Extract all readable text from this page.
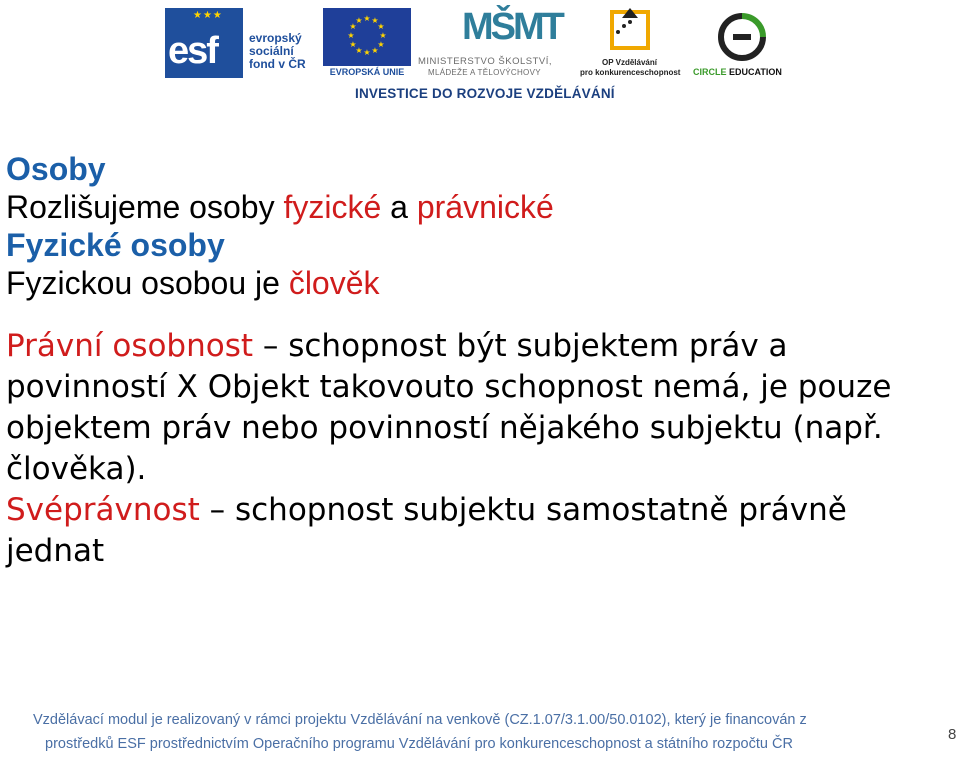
★★★
esf	evropský
sociální
fond v ČR
★ ★
★
★
★
★
★
★
★
★
★
★
EVROPSKÁ UNIE
MŠMT
MINISTERSTVO ŠKOLSTVÍ,
MLÁDEŽE A TĚLOVÝCHOVY
OP Vzdělávání
pro konkurenceschopnost CIRCLE EDUCATION
INVESTICE DO ROZVOJE VZDĚLÁVÁNÍ

Osoby

Rozlišujeme osoby fyzické a právnické

Fyzické osoby

Fyzickou osobou je člověk

Právní osobnost – schopnost být subjektem práv a
povinností X Objekt takovouto schopnost nemá, je pouze
objektem práv nebo povinností nějakého subjektu (např.
člověka).

Svéprávnost – schopnost subjektu samostatně právně
jednat

Vzdělávací modul je realizovaný v rámci projektu Vzdělávání na venkově (CZ.1.07/3.1.00/50.0102), který je financován z
prostředků ESF prostřednictvím Operačního programu Vzdělávání pro konkurenceschopnost a státního rozpočtu ČR
8
